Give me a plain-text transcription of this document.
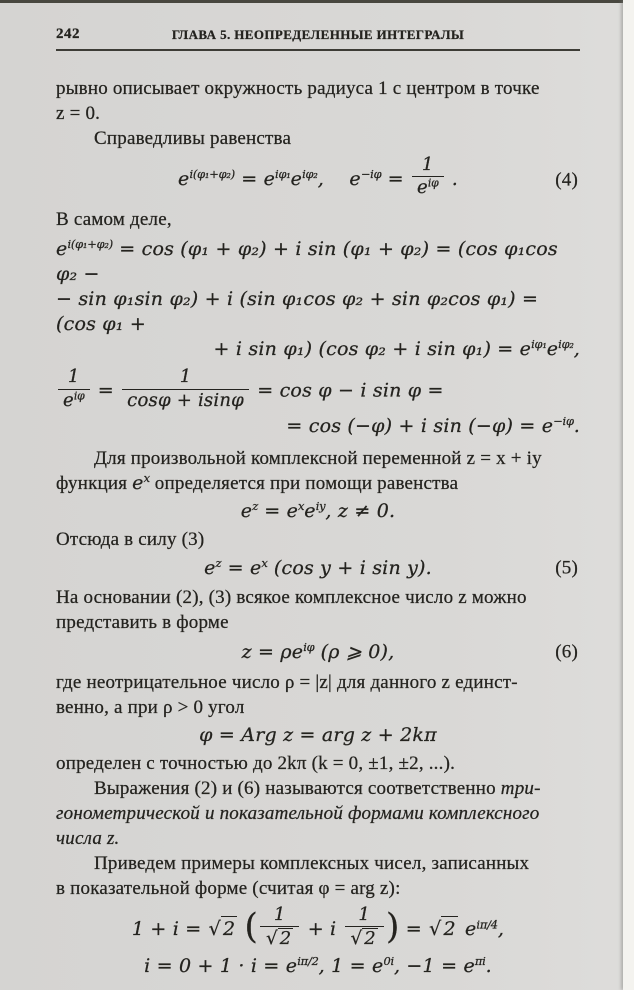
242	ГЛАВА 5. НЕОПРЕДЕЛЕННЫЕ ИНТЕГРАЛЫ
рывно описывает окружность радиуса 1 с центром в точке
z = 0.
Справедливы равенства
$e^{i(\varphi_1+\varphi_2)} = e^{i\varphi_1}e^{i\varphi_2}$,  $e^{-i\varphi} = \frac{1}{e^{i\varphi}}$ .	(4)
В самом деле,
$e^{i(\varphi_1+\varphi_2)} = \cos (\varphi_1 + \varphi_2) + i$ sin (φ₁ + φ₂) = (cos φ₁cos φ₂ −
− sin φ₁sin φ₂) + i (sin φ₁cos φ₂ + sin φ₂cos φ₁) = (cos φ₁ +
+ i sin φ₁) (cos φ₂ + i $\sin \varphi_1) = e^{i\varphi_1}e^{i\varphi_2}$,
$\frac{1}{e^{i\varphi}} = \frac{1}{\cos\varphi + isin\varphi} = \cos \varphi - i$ sin φ =
= cos (−φ) + i $\sin (-\varphi) = e^{-i\varphi}$.
Для произвольной комплексной переменной z = x + iy
функция $e^x$ определяется при помощи равенства
$e^z = e^xe^{iy}$, z ≠ 0.
Отсюда в силу (3)
$e^z = e^x$ (cos y + i sin y).	(5)
На основании (2), (3) всякое комплексное число z можно
представить в форме
$z = \rho e^{i\varphi}$ (ρ ⩾ 0),	(6)
где неотрицательное число ρ = |z| для данного z единст-
венно, а при ρ > 0 угол
φ = Arg z = arg z + 2kπ
определен с точностью до 2kπ (k = 0, ±1, ±2, ...).
Выражения (2) и (6) называются соответственно три-
гонометрической и показательной формами комплексного
числа z.
Приведем примеры комплексных чисел, записанных
в показательной форме (считая φ = arg z):
1 + i = √ 2 ( $\frac{1}{√ 2} + i \frac{1}{√ 2}$ ) = √ 2 $e^{i\pi/4}$,
$i = 0 + 1 \cdot i = e^{i\pi/2}$, $1 = e^{0i}$, $-1 = e^{\pi i}$.
